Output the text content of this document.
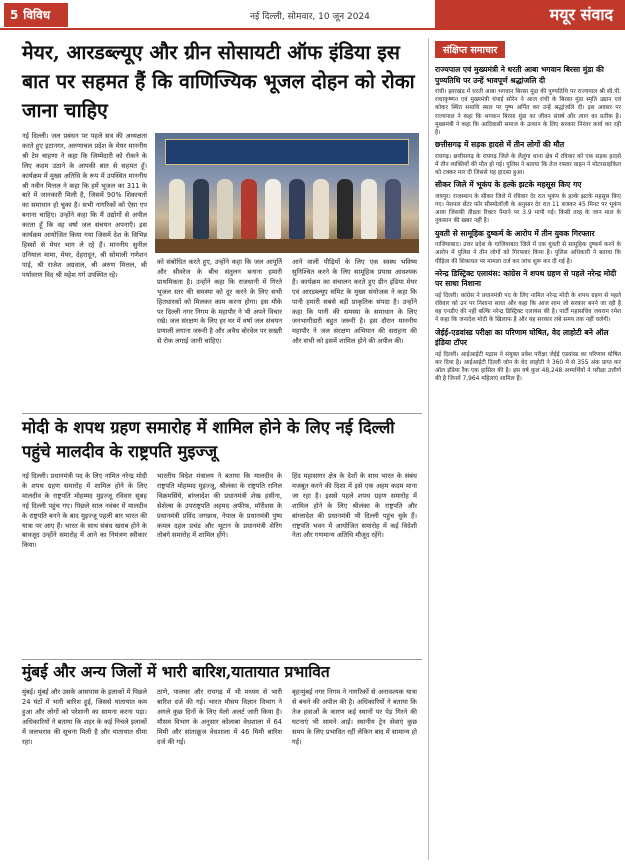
5 विविध	नई दिल्ली, सोमवार, 10 जून 2024	मयूर संवाद
मेयर, आरडब्ल्यूए और ग्रीन सोसायटी ऑफ इंडिया इस बात पर सहमत हैं कि वाणिज्यिक भूजल दोहन को रोका जाना चाहिए
नई दिल्ली। जल प्रबंधन पर पहले सत्र की अध्यक्षता करते हुए इटानगर, अरुणाचल प्रदेश के मेयर माननीय श्री टेम चाहणा ने कहा कि जिम्मेदारी को रोकने के लिए कदम उठाने के आपकी बात से सहमत हूँ। कार्यक्रम में मुख्य अतिथि के रूप में उपस्थित माननीय श्री नवीन मित्तल ने कहा कि हमें भूजल का 311 के बारे में जानकारी मिली है, जिसमें 90% शिकायतों का समाधान हो चुका है। सभी नागरिकों को ऐसा एप बनाना चाहिए। उन्होंने कहा कि मैं उद्योगों से अपील करता हूँ कि वह वर्षा जल संचयन अपनाएँ। इस कार्यक्रम आयोजित किया गया जिसमें देश के विभिन्न हिस्सों से मेयर भाग ले रहे हैं। माननीय सुनील उनियाल मामा, मेयर, देहरादून, श्री सोमाली गणेशन पाई, श्री राजेश अग्रवाल, श्री अरुण मित्तल, श्री पर्यावरण विद श्री महेश गर्ग उपस्थित रहे।
को संबोधित करते हुए, उन्होंने कहा कि जल आपूर्ति और सीवरेज के बीच संतुलन बनाना हमारी प्राथमिकता है। उन्होंने कहा कि राजधानी में गिरते भूजल स्तर की समस्या को दूर करने के लिए सभी हितधारकों को मिलकर काम करना होगा। इस मौके पर दिल्ली नगर निगम के महापौर ने भी अपने विचार रखे। जल संरक्षण के लिए हर घर में वर्षा जल संचयन प्रणाली लगाना जरूरी है और अवैध बोरवेल पर सख्ती से रोक लगाई जानी चाहिए।
आने वाली पीढ़ियों के लिए एक स्वस्थ भविष्य सुनिश्चित करने के लिए सामूहिक प्रयास आवश्यक हैं। कार्यक्रम का संचालन करते हुए ग्रीन इंडिया मेयर एवं आरडब्ल्यूए समिट के मुख्य संयोजक ने कहा कि पानी हमारी सबसे बड़ी प्राकृतिक संपदा है। उन्होंने कहा कि पानी की समस्या के समाधान के लिए जनभागीदारी बहुत जरूरी है। इस दौरान माननीय महापौर ने जल संरक्षण अभियान की सराहना की और सभी को इसमें शामिल होने की अपील की।
मोदी के शपथ ग्रहण समारोह में शामिल होने के लिए नई दिल्ली पहुंचे मालदीव के राष्ट्रपति मुइज्जू
नई दिल्ली। प्रधानमंत्री पद के लिए नामित नरेन्द्र मोदी के शपथ ग्रहण समारोह में शामिल होने के लिए मालदीव के राष्ट्रपति मोहम्मद मुइज्जू रविवार सुबह नई दिल्ली पहुंच गए। पिछले साल नवंबर में मालदीव के राष्ट्रपति बनने के बाद मुइज्जू पहली बार भारत की यात्रा पर आए हैं। भारत के साथ संबंध खराब होने के बावजूद उन्होंने समारोह में आने का निमंत्रण स्वीकार किया।
भारतीय विदेश मंत्रालय ने बताया कि मालदीव के राष्ट्रपति मोहम्मद मुइज्जू, श्रीलंका के राष्ट्रपति रानिल विक्रमसिंघे, बांग्लादेश की प्रधानमंत्री शेख हसीना, सेशेल्स के उपराष्ट्रपति अहमद अफीफ, मॉरीशस के प्रधानमंत्री प्रविंद जगन्नाथ, नेपाल के प्रधानमंत्री पुष्प कमल दहल प्रचंड और भूटान के प्रधानमंत्री शेरिंग तोबगे समारोह में शामिल होंगे।
हिंद महासागर क्षेत्र के देशों के साथ भारत के संबंध मजबूत करने की दिशा में इसे एक अहम कदम माना जा रहा है। इससे पहले शपथ ग्रहण समारोह में शामिल होने के लिए श्रीलंका के राष्ट्रपति और बांग्लादेश की प्रधानमंत्री भी दिल्ली पहुंच चुके हैं। राष्ट्रपति भवन में आयोजित समारोह में कई विदेशी नेता और गणमान्य अतिथि मौजूद रहेंगे।
मुंबई और अन्य जिलों में भारी बारिश,यातायात प्रभावित
मुंबई। मुंबई और उसके आसपास के इलाकों में पिछले 24 घंटों में भारी बारिश हुई, जिससे यातायात कम हुआ और लोगों को परेशानी का सामना करना पड़ा। अधिकारियों ने बताया कि शहर के कई निचले इलाकों में जलभराव की सूचना मिली है और यातायात धीमा रहा।
ठाणे, पालघर और रायगढ़ में भी मध्यम से भारी बारिश दर्ज की गई। भारत मौसम विज्ञान विभाग ने अगले कुछ दिनों के लिए येलो अलर्ट जारी किया है। मौसम विभाग के अनुसार कोलाबा वेधशाला में 64 मिमी और सांताक्रूज वेधशाला में 46 मिमी बारिश दर्ज की गई।
बृहन्मुंबई नगर निगम ने नागरिकों से अनावश्यक यात्रा से बचने की अपील की है। अधिकारियों ने बताया कि तेज हवाओं के कारण कई स्थानों पर पेड़ गिरने की घटनाएं भी सामने आईं। स्थानीय ट्रेन सेवाएं कुछ समय के लिए प्रभावित रहीं लेकिन बाद में सामान्य हो गईं।
संक्षिप्त समाचार
राज्यपाल एवं मुख्यमंत्री ने धरती आबा भगवान बिरसा मुंडा की पुण्यतिथि पर उन्हें भावपूर्ण श्रद्धांजलि दी
रांची। झारखंड में धरती आबा भगवान बिरसा मुंडा की पुण्यतिथि पर राज्यपाल श्री सी.पी. राधाकृष्णन एवं मुख्यमंत्री चंपाई सोरेन ने आज रांची के बिरसा मुंडा स्मृति उद्यान एवं कोकर स्थित समाधि स्थल पर पुष्प अर्पित कर उन्हें श्रद्धांजलि दी। इस अवसर पर राज्यपाल ने कहा कि भगवान बिरसा मुंडा का जीवन संघर्ष और त्याग का प्रतीक है। मुख्यमंत्री ने कहा कि आदिवासी समाज के उत्थान के लिए सरकार निरंतर कार्य कर रही है।
छत्तीसगढ़ में सड़क हादसे में तीन लोगों की मौत
रायगढ़। छत्तीसगढ़ के रायगढ़ जिले के लैलूंगा थाना क्षेत्र में रविवार को एक सड़क हादसे में तीन व्यक्तियों की मौत हो गई। पुलिस ने बताया कि तेज रफ्तार वाहन ने मोटरसाइकिल को टक्कर मार दी जिससे यह हादसा हुआ।
सीकर जिले में भूकंप के हल्के झटके महसूस किए गए
जयपुर। राजस्थान के सीकर जिले में रविवार देर रात भूकंप के हल्के झटके महसूस किए गए। नेशनल सेंटर फॉर सीस्मोलॉजी के अनुसार देर रात 11 बजकर 45 मिनट पर भूकंप आया जिसकी तीव्रता रिक्टर पैमाने पर 3.9 मापी गई। किसी तरह के जान माल के नुकसान की खबर नहीं है।
युवती से सामूहिक दुष्कर्म के आरोप में तीन युवक गिरफ्तार
गाजियाबाद। उत्तर प्रदेश के गाजियाबाद जिले में एक युवती से सामूहिक दुष्कर्म करने के आरोप में पुलिस ने तीन लोगों को गिरफ्तार किया है। पुलिस अधिकारी ने बताया कि पीड़िता की शिकायत पर मामला दर्ज कर जांच शुरू कर दी गई है।
नरेन्द्र डिस्ट्रिक्ट एलायंस: कांग्रेस ने शपथ ग्रहण से पहले नरेन्द्र मोदी पर साधा निशाना
नई दिल्ली। कांग्रेस ने प्रधानमंत्री पद के लिए नामित नरेन्द्र मोदी के शपथ ग्रहण से पहले रविवार को उन पर निशाना साधा और कहा कि आज शाम जो सरकार बनने जा रही है वह एनडीए की नहीं बल्कि नरेन्द्र डिस्ट्रिक्ट एलायंस की है। पार्टी महासचिव जयराम रमेश ने कहा कि जनादेश मोदी के खिलाफ है और यह सरकार लंबे समय तक नहीं चलेगी।
जेईई-एडवांस्ड परीक्षा का परिणाम घोषित, वेद लाहोटी बने ऑल इंडिया टॉपर
नई दिल्ली। आईआईटी मद्रास ने संयुक्त प्रवेश परीक्षा जेईई एडवांस्ड का परिणाम घोषित कर दिया है। आईआईटी दिल्ली जोन के वेद लाहोटी ने 360 में से 355 अंक प्राप्त कर ऑल इंडिया रैंक एक हासिल की है। इस वर्ष कुल 48,248 अभ्यर्थियों ने परीक्षा उत्तीर्ण की है जिनमें 7,964 महिलाएं शामिल हैं।
